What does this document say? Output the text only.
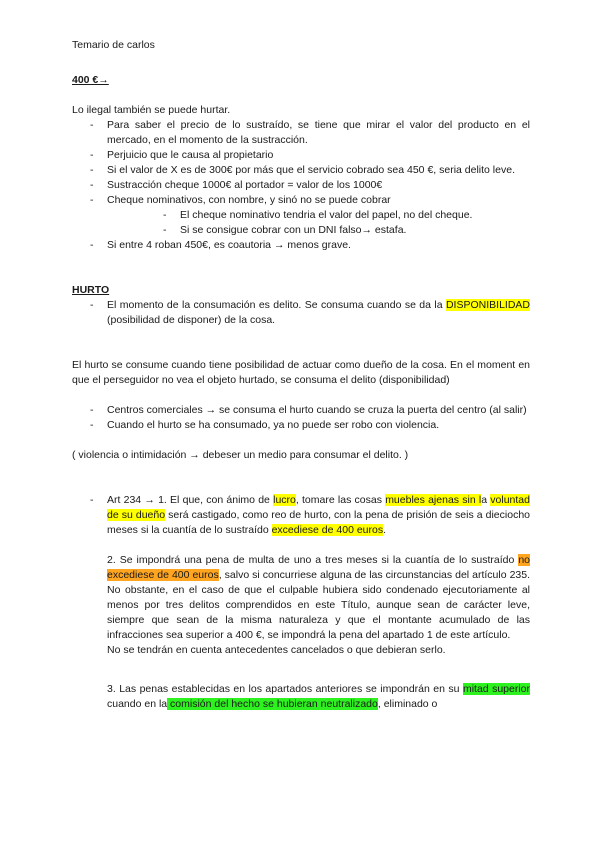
Temario de carlos

400 €→

Lo ilegal también se puede hurtar.

- Para saber el precio de lo sustraído, se tiene que mirar el valor del producto en el mercado, en el momento de la sustracción.
- Perjuicio que le causa al propietario
- Si el valor de X es de 300€ por más que el servicio cobrado sea 450 €, seria delito leve.
- Sustracción cheque 1000€ al portador = valor de los 1000€
- Cheque nominativos, con nombre, y sinó no se puede cobrar
- El cheque nominativo tendria el valor del papel, no del cheque.
- Si se consigue cobrar con un DNI falso→ estafa.
- Si entre 4 roban 450€, es coautoria → menos grave.

HURTO

- El momento de la consumación es delito. Se consuma cuando se da la DISPONIBILIDAD (posibilidad de disponer) de la cosa.

El hurto se consume cuando tiene posibilidad de actuar como dueño de la cosa. En el moment en que el perseguidor no vea el objeto hurtado, se consuma el delito (disponibilidad)

- Centros comerciales → se consuma el hurto cuando se cruza la puerta del centro (al salir)
- Cuando el hurto se ha consumado, ya no puede ser robo con violencia.

( violencia o intimidación → debeser un medio para consumar el delito. )

- Art 234 → 1. El que, con ánimo de lucro, tomare las cosas muebles ajenas sin la voluntad de su dueño será castigado, como reo de hurto, con la pena de prisión de seis a dieciocho meses si la cuantía de lo sustraído excediese de 400 euros.

2. Se impondrá una pena de multa de uno a tres meses si la cuantía de lo sustraído no excediese de 400 euros, salvo si concurriese alguna de las circunstancias del artículo 235. No obstante, en el caso de que el culpable hubiera sido condenado ejecutoriamente al menos por tres delitos comprendidos en este Título, aunque sean de carácter leve, siempre que sean de la misma naturaleza y que el montante acumulado de las infracciones sea superior a 400 €, se impondrá la pena del apartado 1 de este artículo.

No se tendrán en cuenta antecedentes cancelados o que debieran serlo.

3. Las penas establecidas en los apartados anteriores se impondrán en su mitad superior cuando en la comisión del hecho se hubieran neutralizado, eliminado o
